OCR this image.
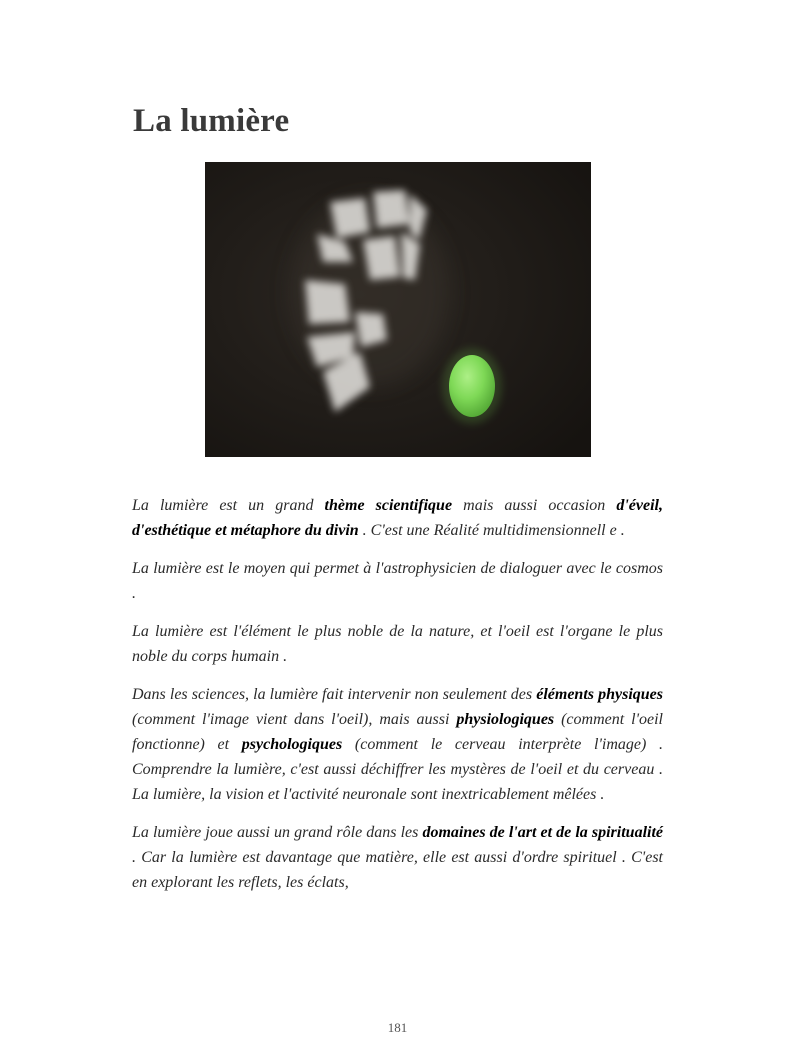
La lumière

La lumière est un grand thème scientifique mais aussi occasion d'éveil, d'esthétique et métaphore du divin . C'est une Réalité multidimensionnell e .

La lumière est le moyen qui permet à l'astrophysicien de dialoguer avec le cosmos .

La lumière est l'élément le plus noble de la nature, et l'oeil est l'organe le plus noble du corps humain .

Dans les sciences, la lumière fait intervenir non seulement des éléments physiques (comment l'image vient dans l'oeil), mais aussi physiologiques (comment l'oeil fonctionne) et psychologiques (comment le cerveau interprète l'image) . Comprendre la lumière, c'est aussi déchiffrer les mystères de l'oeil et du cerveau . La lumière, la vision et l'activité neuronale sont inextricablement mêlées .

La lumière joue aussi un grand rôle dans les domaines de l'art et de la spiritualité . Car la lumière est davantage que matière, elle est aussi d'ordre spirituel . C'est en explorant les reflets, les éclats,

181
